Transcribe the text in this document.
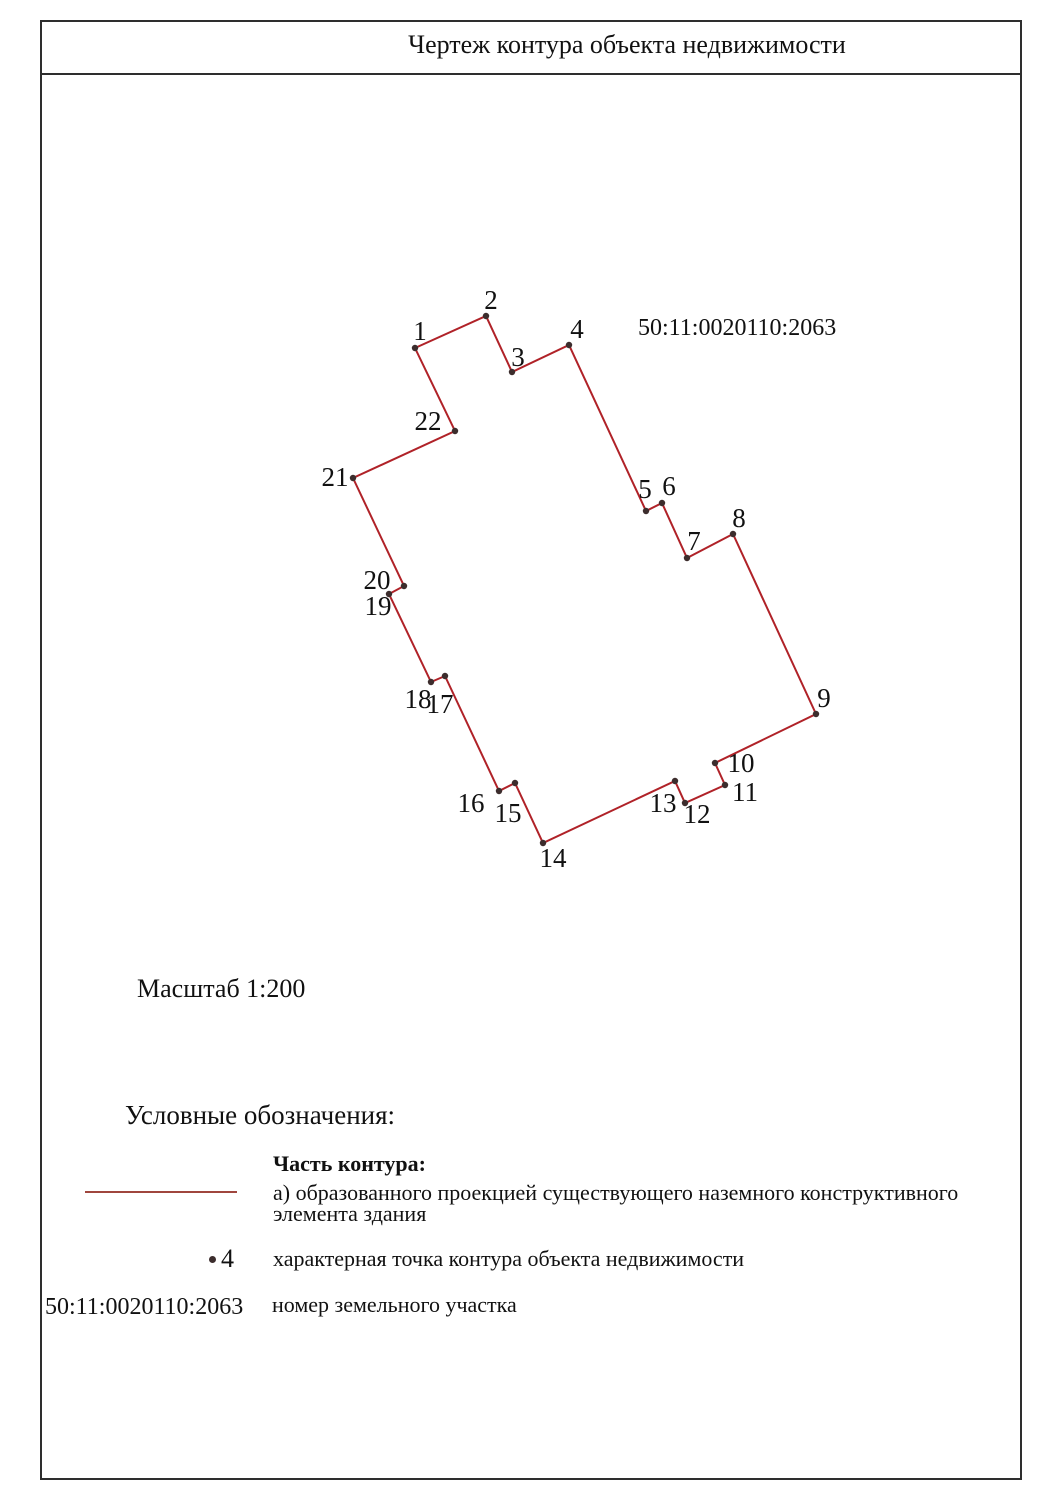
Чертеж контура объекта недвижимости
1
2
3
4
5 6
7
8
9
10
11
12
13
14
15
16
17
18
19
20
21
22
50:11:0020110:2063
Масштаб 1:200
Условные обозначения:
Часть контура:
а) образованного проекцией существующего наземного конструктивного
элемента здания
4 характерная точка контура объекта недвижимости
50:11:0020110:2063 номер земельного участка
